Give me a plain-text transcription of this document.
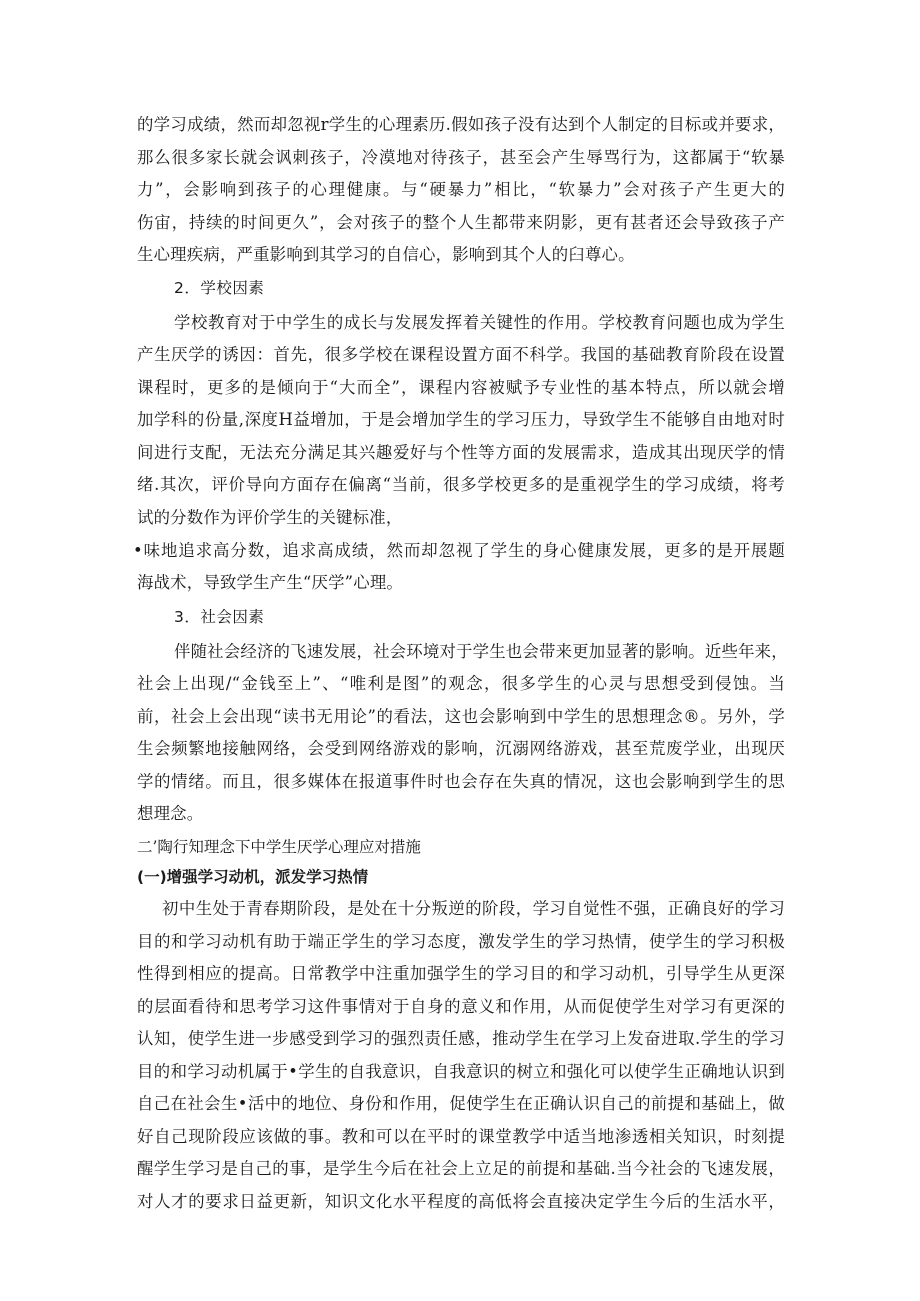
的学习成绩，然而却忽视r学生的心理素历.假如孩子没有达到个人制定的目标或并要求，
那么很多家长就会讽刺孩子，冷漠地对待孩子，甚至会产生辱骂行为，这都属于“软暴
力”，会影响到孩子的心理健康。与“硬暴力”相比，“软暴力”会对孩子产生更大的
伤宙，持续的时间更久”，会对孩子的整个人生都带来阴影，更有甚者还会导致孩子产
生心理疾病，严重影响到其学习的自信心，影响到其个人的臼尊心。
2．学校因素
学校教育对于中学生的成长与发展发挥着关键性的作用。学校教育问题也成为学生
产生厌学的诱因：首先，很多学校在课程设置方面不科学。我国的基础教育阶段在设置
课程时，更多的是倾向于“大而全”，课程内容被赋予专业性的基本特点，所以就会增
加学科的份量,深度H益增加，于是会增加学生的学习压力，导致学生不能够自由地对时
间进行支配，无法充分满足其兴趣爱好与个性等方面的发展需求，造成其出现厌学的情
绪.其次，评价导向方面存在偏离“当前，很多学校更多的是重视学生的学习成绩，将考
试的分数作为评价学生的关键标准，
•味地追求高分数，追求高成绩，然而却忽视了学生的身心健康发展，更多的是开展题
海战术，导致学生产生“厌学”心理。
3．社会因素
伴随社会经济的飞速发展，社会环境对于学生也会带来更加显著的影响。近些年来，
社会上出现/“金钱至上”、“唯利是图”的观念，很多学生的心灵与思想受到侵蚀。当
前，社会上会出现“读书无用论”的看法，这也会影响到中学生的思想理念®。另外，学
生会频繁地接触网络，会受到网络游戏的影响，沉溺网络游戏，甚至荒废学业，出现厌
学的情绪。而且，很多媒体在报道事件时也会存在失真的情况，这也会影响到学生的思
想理念。
二’陶行知理念下中学生厌学心理应对措施
(一)增强学习动机，派发学习热情
初中生处于青春期阶段，是处在十分叛逆的阶段，学习自觉性不强，正确良好的学习
目的和学习动机有助于端正学生的学习态度，激发学生的学习热情，使学生的学习积极
性得到相应的提高。日常教学中注重加强学生的学习目的和学习动机，引导学生从更深
的层面看待和思考学习这件事情对于自身的意义和作用，从而促使学生对学习有更深的
认知，使学生进一步感受到学习的强烈责任感，推动学生在学习上发奋进取.学生的学习
目的和学习动机属于•学生的自我意识，自我意识的树立和强化可以使学生正确地认识到
自己在社会生•活中的地位、身份和作用，促使学生在正确认识自己的前提和基础上，做
好自己现阶段应该做的事。教和可以在平时的课堂教学中适当地渗透相关知识，时刻提
醒学生学习是自己的事，是学生今后在社会上立足的前提和基础.当今社会的飞速发展，
对人才的要求日益更新，知识文化水平程度的高低将会直接决定学生今后的生活水平，
